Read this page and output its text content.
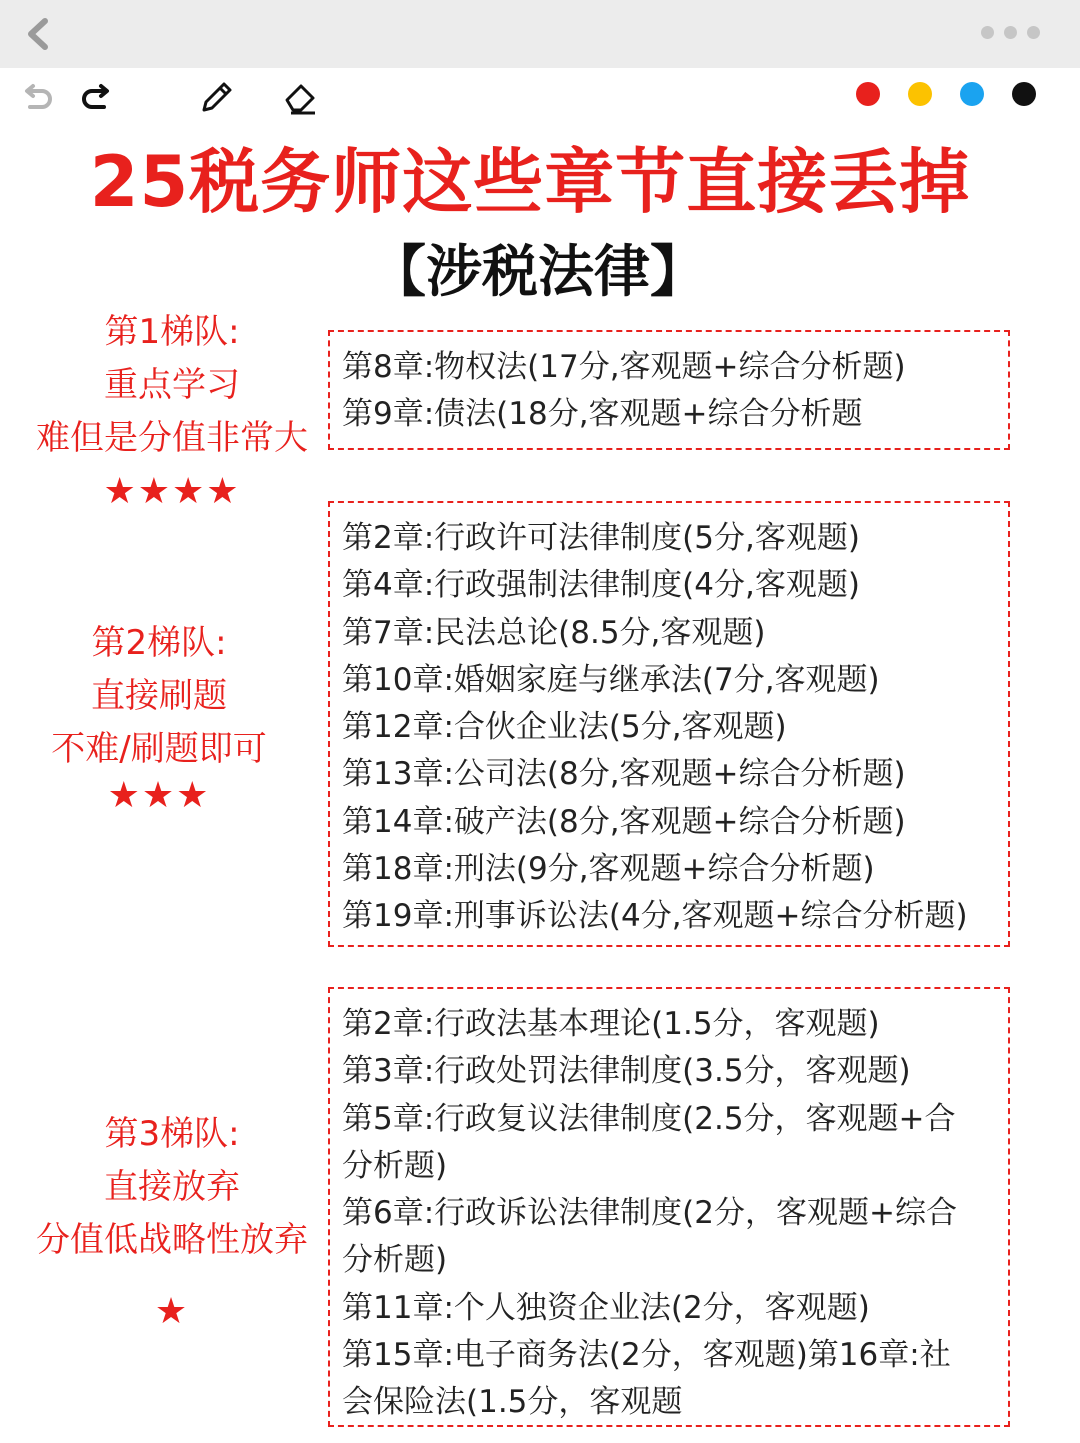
25税务师这些章节直接丢掉
【涉税法律】
第1梯队:
重点学习
难但是分值非常大
★★★★
第8章:物权法(17分,客观题+综合分析题)
第9章:债法(18分,客观题+综合分析题
第2梯队:
直接刷题
不难/刷题即可
★★★
第2章:行政许可法律制度(5分,客观题)
第4章:行政强制法律制度(4分,客观题)
第7章:民法总论(8.5分,客观题)
第10章:婚姻家庭与继承法(7分,客观题)
第12章:合伙企业法(5分,客观题)
第13章:公司法(8分,客观题+综合分析题)
第14章:破产法(8分,客观题+综合分析题)
第18章:刑法(9分,客观题+综合分析题)
第19章:刑事诉讼法(4分,客观题+综合分析题)
第3梯队:
直接放弃
分值低战略性放弃
★
第2章:行政法基本理论(1.5分，客观题)
第3章:行政处罚法律制度(3.5分，客观题)
第5章:行政复议法律制度(2.5分，客观题+合
分析题)
第6章:行政诉讼法律制度(2分，客观题+综合
分析题)
第11章:个人独资企业法(2分，客观题)
第15章:电子商务法(2分，客观题)第16章:社
会保险法(1.5分，客观题
